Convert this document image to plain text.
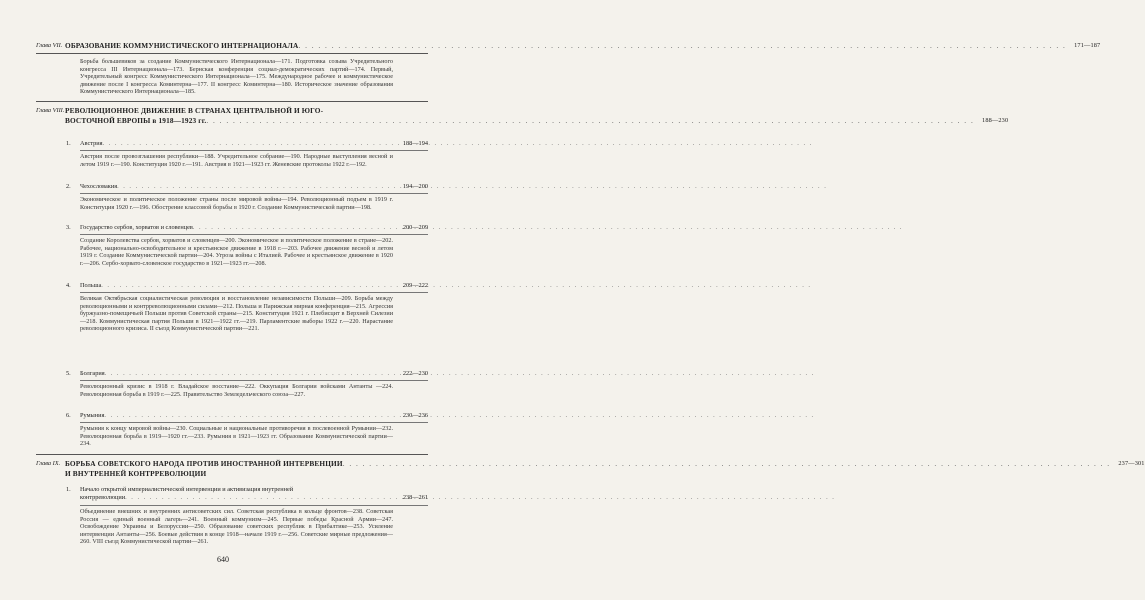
Глава VII. ОБРАЗОВАНИЕ КОММУНИСТИЧЕСКОГО ИНТЕРНАЦИОНАЛА . . .	171—187
Борьба большевиков за создание Коммунистического Интернационала—171. Подготовка созыва Учредительного конгресса III Интернационала—173. Бернская конференция социал-демократических партий—174. Первый, Учредительный конгресс Коммунистического Интернационала—175. Международное рабочее и коммунистическое движение после I конгресса Коминтерна—177. II конгресс Коминтерна—180. Историческое значение образования Коммунистического Интернационала—185.
Глава VIII. РЕВОЛЮЦИОННОЕ ДВИЖЕНИЕ В СТРАНАХ ЦЕНТРАЛЬНОЙ И ЮГО-
ВОСТОЧНОЙ ЕВРОПЫ в 1918—1923 гг. . . .	188—230
1.	Австрия . . .	188—194
Австрия после провозглашения республики—188. Учредительное собрание—190. Народные выступления весной и летом 1919 г.—190. Конституция 1920 г.—191. Австрия в 1921—1923 гг. Женевские протоколы 1922 г.—192.
2.	Чехословакия . . .	194—200
Экономическое и политическое положение страны после мировой войны—194. Революционный подъем в 1919 г. Конституция 1920 г.—196. Обострение классовой борьбы в 1920 г. Создание Коммунистической партии—198.
3.	Государство сербов, хорватов и словенцев . . .	200—209
Создание Королевства сербов, хорватов и словенцев—200. Экономическое и политическое положение в стране—202. Рабочее, национально-освободительное и крестьянское движение в 1918 г.—203. Рабочее движение весной и летом 1919 г. Создание Коммунистической партии—204. Угроза войны с Италией. Рабочее и крестьянское движение в 1920 г.—206. Сербо-хорвато-словенское государство в 1921—1923 гг.—208.
4.	Польша . . .	209—222
Великая Октябрьская социалистическая революция и восстановление независимости Польши—209. Борьба между революционными и контрреволюционными силами—212. Польша и Парижская мирная конференция—215. Агрессия буржуазно-помещичьей Польши против Советской страны—215. Конституция 1921 г. Плебисцит в Верхней Силезии—218. Коммунистическая партия Польши в 1921—1922 гг.—219. Парламентские выборы 1922 г.—220. Нарастание революционного кризиса. II съезд Коммунистической партии—221.
5.	Болгария . . .	222—230
Революционный кризис в 1918 г. Владайское восстание—222. Оккупация Болгарии войсками Антанты —224. Революционная борьба в 1919 г.—225. Правительство Земледельческого союза—227.
6.	Румыния . . .	230—236
Румыния к концу мировой войны—230. Социальные и национальные противоречия в послевоенной Румынии—232. Революционная борьба в 1919—1920 гг.—233. Румыния в 1921—1923 гг. Образование Коммунистической партии—234.
Глава IX. БОРЬБА СОВЕТСКОГО НАРОДА ПРОТИВ ИНОСТРАННОЙ ИНТЕРВЕНЦИИ . . .	237—301
И ВНУТРЕННЕЙ КОНТРРЕВОЛЮЦИИ
1.	Начало открытой империалистической интервенции и активизация внутренней
контрреволюции . . .	238—261
Объединение внешних и внутренних антисоветских сил. Советская республика в кольце фронтов—238. Советская Россия — единый военный лагерь—241. Военный коммунизм—245. Первые победы Красной Армии—247. Освобождение Украины и Белоруссии—250. Образование советских республик в Прибалтике—253. Усиление интервенции Антанты—256. Боевые действия в конце 1918—начале 1919 г.—256. Советские мирные предложения—260. VIII съезд Коммунистической партии—261.
640
